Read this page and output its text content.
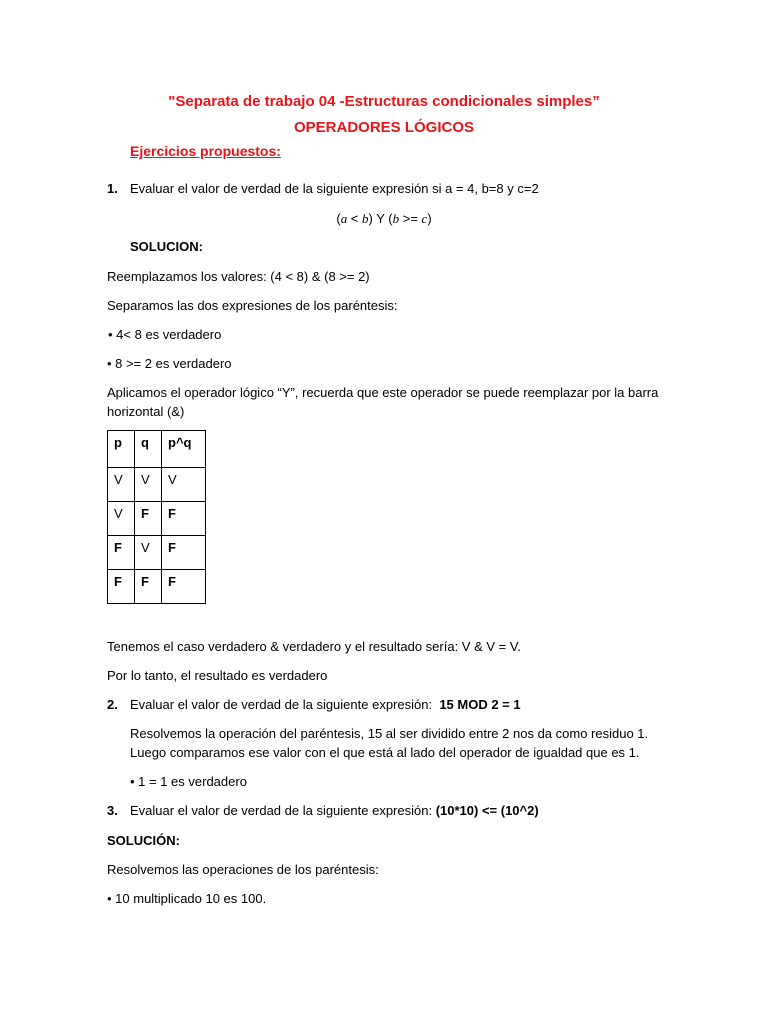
"Separata de trabajo 04 -Estructuras condicionales simples”
OPERADORES LÓGICOS
Ejercicios propuestos:
1. Evaluar el valor de verdad de la siguiente expresión si a = 4, b=8 y c=2
(a < b) Y (b >= c)
SOLUCION:
Reemplazamos los valores: (4 < 8) & (8 >= 2)
Separamos las dos expresiones de los paréntesis:
• 4< 8 es verdadero
• 8 >= 2 es verdadero
Aplicamos el operador lógico “Y”, recuerda que este operador se puede reemplazar por la barra
horizontal (&)
p	q	p^q
V	V	V
V	F	F
F	V	F
F	F	F
Tenemos el caso verdadero & verdadero y el resultado sería: V & V = V.
Por lo tanto, el resultado es verdadero
2. Evaluar el valor de verdad de la siguiente expresión: 15 MOD 2 = 1
Resolvemos la operación del paréntesis, 15 al ser dividido entre 2 nos da como residuo 1.
Luego comparamos ese valor con el que está al lado del operador de igualdad que es 1.
• 1 = 1 es verdadero
3. Evaluar el valor de verdad de la siguiente expresión: (10*10) <= (10^2)
SOLUCIÓN:
Resolvemos las operaciones de los paréntesis:
• 10 multiplicado 10 es 100.
